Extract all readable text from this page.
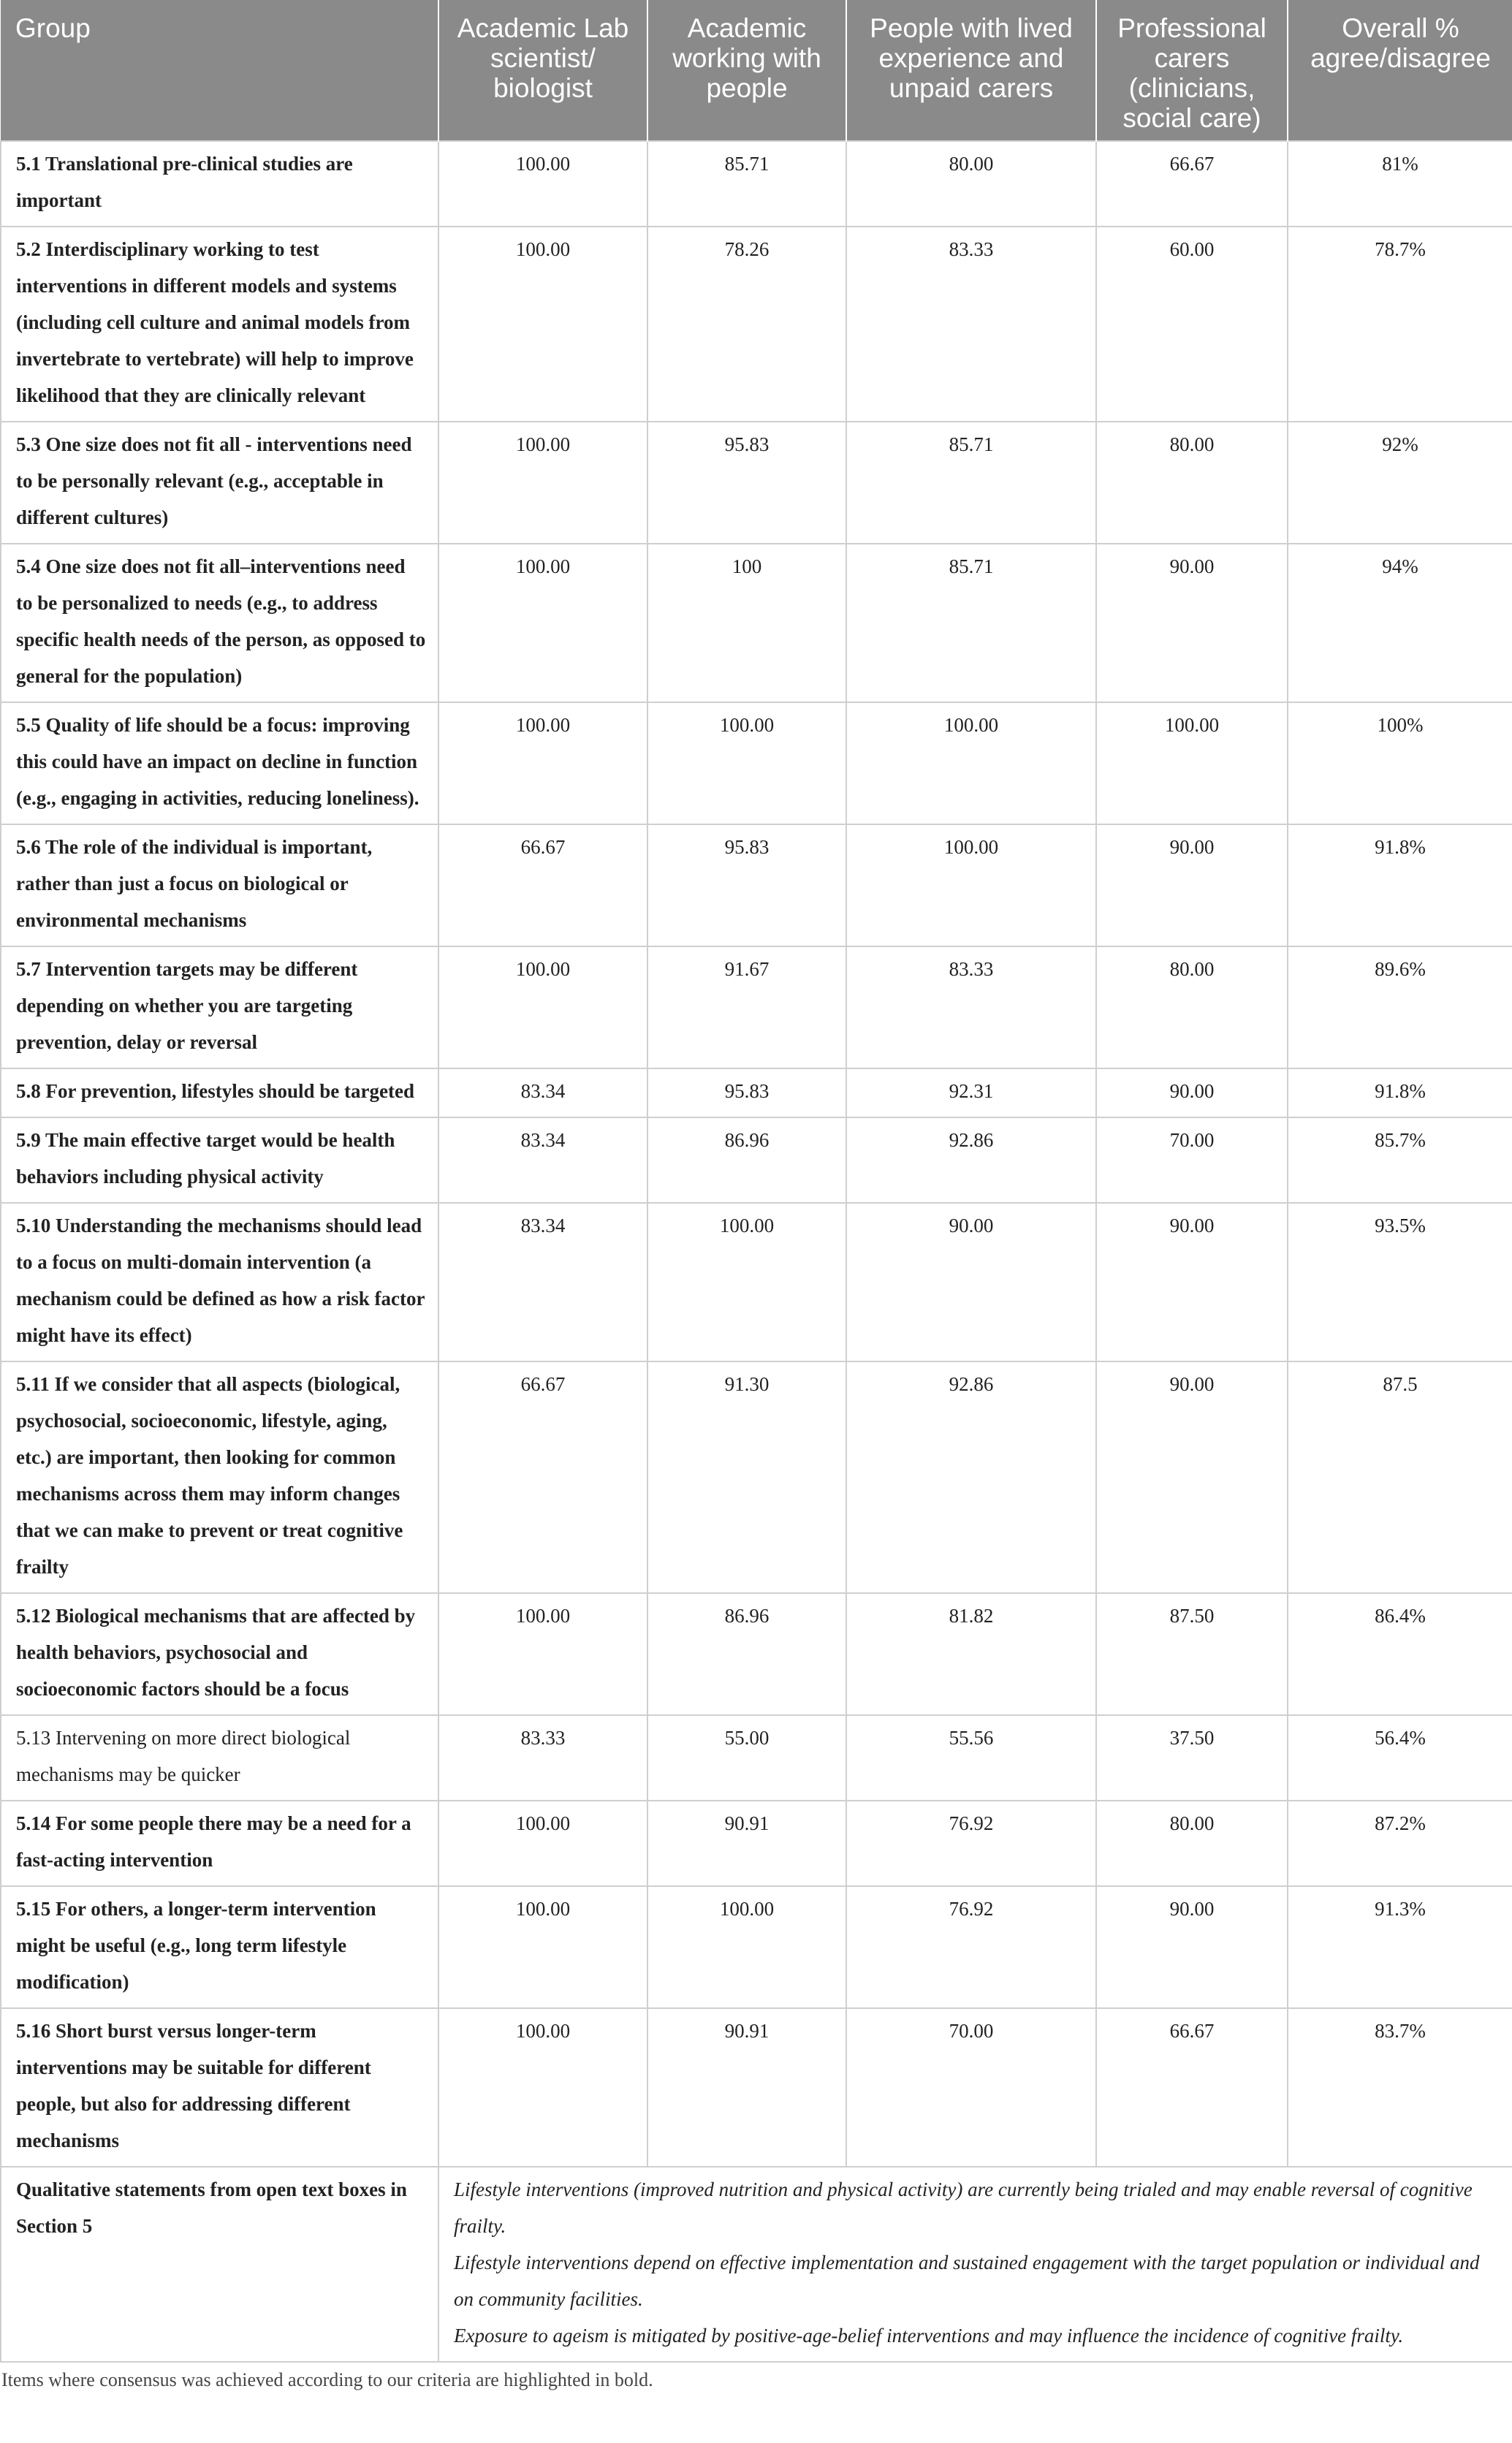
Group	Academic Lab scientist/ biologist	Academic working with people	People with lived experience and unpaid carers	Professional carers (clinicians, social care)	Overall % agree/disagree
5.1 Translational pre-clinical studies are important	100.00	85.71	80.00	66.67	81%
5.2 Interdisciplinary working to test interventions in different models and systems (including cell culture and animal models from invertebrate to vertebrate) will help to improve likelihood that they are clinically relevant	100.00	78.26	83.33	60.00	78.7%
5.3 One size does not fit all - interventions need to be personally relevant (e.g., acceptable in different cultures)	100.00	95.83	85.71	80.00	92%
5.4 One size does not fit all–interventions need to be personalized to needs (e.g., to address specific health needs of the person, as opposed to general for the population)	100.00	100	85.71	90.00	94%
5.5 Quality of life should be a focus: improving this could have an impact on decline in function (e.g., engaging in activities, reducing loneliness).	100.00	100.00	100.00	100.00	100%
5.6 The role of the individual is important, rather than just a focus on biological or environmental mechanisms	66.67	95.83	100.00	90.00	91.8%
5.7 Intervention targets may be different depending on whether you are targeting prevention, delay or reversal	100.00	91.67	83.33	80.00	89.6%
5.8 For prevention, lifestyles should be targeted	83.34	95.83	92.31	90.00	91.8%
5.9 The main effective target would be health behaviors including physical activity	83.34	86.96	92.86	70.00	85.7%
5.10 Understanding the mechanisms should lead to a focus on multi-domain intervention (a mechanism could be defined as how a risk factor might have its effect)	83.34	100.00	90.00	90.00	93.5%
5.11 If we consider that all aspects (biological, psychosocial, socioeconomic, lifestyle, aging, etc.) are important, then looking for common mechanisms across them may inform changes that we can make to prevent or treat cognitive frailty	66.67	91.30	92.86	90.00	87.5
5.12 Biological mechanisms that are affected by health behaviors, psychosocial and socioeconomic factors should be a focus	100.00	86.96	81.82	87.50	86.4%
5.13 Intervening on more direct biological mechanisms may be quicker	83.33	55.00	55.56	37.50	56.4%
5.14 For some people there may be a need for a fast-acting intervention	100.00	90.91	76.92	80.00	87.2%
5.15 For others, a longer-term intervention might be useful (e.g., long term lifestyle modification)	100.00	100.00	76.92	90.00	91.3%
5.16 Short burst versus longer-term interventions may be suitable for different people, but also for addressing different mechanisms	100.00	90.91	70.00	66.67	83.7%
Qualitative statements from open text boxes in Section 5	Lifestyle interventions (improved nutrition and physical activity) are currently being trialed and may enable reversal of cognitive frailty.
Lifestyle interventions depend on effective implementation and sustained engagement with the target population or individual and on community facilities.
Exposure to ageism is mitigated by positive-age-belief interventions and may influence the incidence of cognitive frailty.				
Items where consensus was achieved according to our criteria are highlighted in bold.
